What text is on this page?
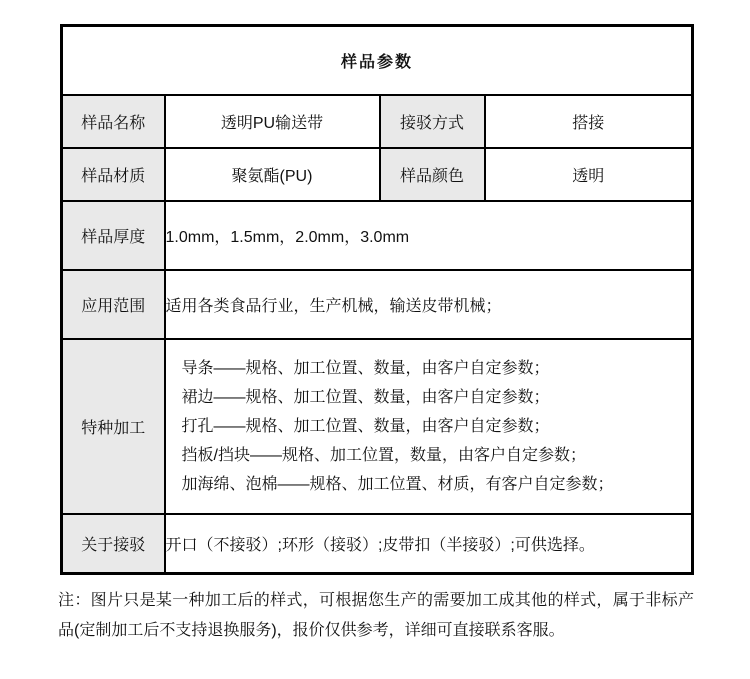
样品参数			
样品名称	透明PU输送带	接驳方式	搭接
样品材质	聚氨酯(PU)	样品颜色	透明
样品厚度	1.0mm，1.5mm，2.0mm，3.0mm		
应用范围	适用各类食品行业，生产机械，输送皮带机械；		
特种加工	导条——规格、加工位置、数量，由客户自定参数；
裙边——规格、加工位置、数量，由客户自定参数；
打孔——规格、加工位置、数量，由客户自定参数；
挡板/挡块——规格、加工位置，数量，由客户自定参数；
加海绵、泡棉——规格、加工位置、材质，有客户自定参数；		

关于接驳	开口（不接驳）;环形（接驳）;皮带扣（半接驳）;可供选择。		
注：图片只是某一种加工后的样式，可根据您生产的需要加工成其他的样式，属于非标产品(定制加工后不支持退换服务)，报价仅供参考，详细可直接联系客服。
